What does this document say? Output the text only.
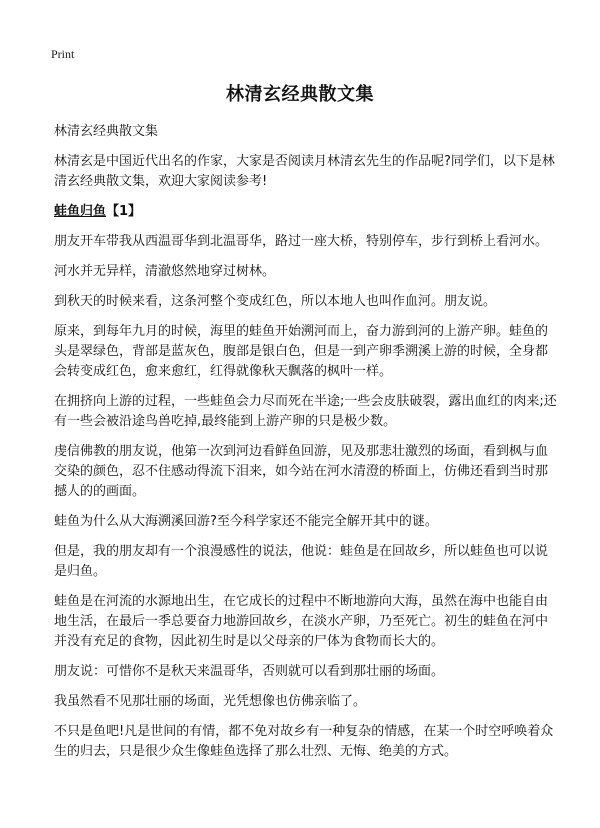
Print
林清玄经典散文集
林清玄经典散文集

林清玄是中国近代出名的作家，大家是否阅读月林清玄先生的作品呢?同学们，以下是林清玄经典散文集，欢迎大家阅读参考!

蛙鱼归鱼【1】

朋友开车带我从西温哥华到北温哥华，路过一座大桥，特别停车，步行到桥上看河水。

河水并无异样，清澈悠然地穿过树林。

到秋天的时候来看，这条河整个变成红色，所以本地人也叫作血河。朋友说。

原来，到每年九月的时候，海里的蛙鱼开始溯河而上，奋力游到河的上游产卵。蛙鱼的头是翠绿色，背部是蓝灰色，腹部是银白色，但是一到产卵季溯溪上游的时候，全身都会转变成红色，愈来愈红，红得就像秋天飘落的枫叶一样。

在拥挤向上游的过程，一些蛙鱼会力尽而死在半途;一些会皮肤破裂，露出血红的肉来;还有一些会被沿途鸟兽吃掉,最终能到上游产卵的只是极少数。

虔信佛教的朋友说，他第一次到河边看鲜鱼回游，见及那悲壮激烈的场面，看到枫与血交染的颜色，忍不住感动得流下泪来，如今站在河水清澄的桥面上，仿佛还看到当时那撼人的的画面。

蛙鱼为什么从大海溯溪回游?至今科学家还不能完全解开其中的谜。

但是，我的朋友却有一个浪漫感性的说法，他说：蛙鱼是在回故乡，所以蛙鱼也可以说是归鱼。

蛙鱼是在河流的水源地出生，在它成长的过程中不断地游向大海，虽然在海中也能自由地生活，在最后一季总要奋力地游回故乡，在淡水产卵，乃至死亡。初生的蛙鱼在河中并没有充足的食物，因此初生时是以父母亲的尸体为食物而长大的。

朋友说：可惜你不是秋天来温哥华，否则就可以看到那壮丽的场面。

我虽然看不见那壮丽的场面，光凭想像也仿佛亲临了。

不只是鱼吧!凡是世间的有情，都不免对故乡有一种复杂的情感，在某一个时空呼唤着众生的归去，只是很少众生像蛙鱼选择了那么壮烈、无悔、绝美的方式。
